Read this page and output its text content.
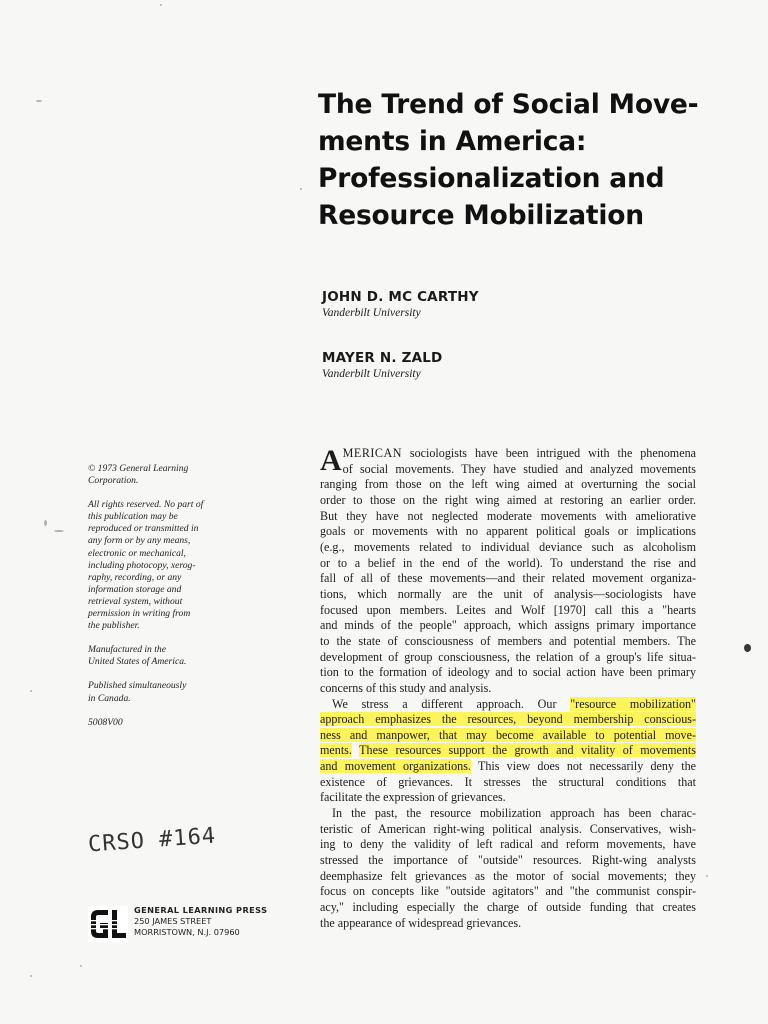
The Trend of Social Move-
ments in America:
Professionalization and
Resource Mobilization
JOHN D. MC CARTHY
Vanderbilt University
MAYER N. ZALD
Vanderbilt University

© 1973 General Learning
Corporation.

All rights reserved. No part of
this publication may be
reproduced or transmitted in
any form or by any means,
electronic or mechanical,
including photocopy, xerog-
raphy, recording, or any
information storage and
retrieval system, without
permission in writing from
the publisher.

Manufactured in the
United States of America.

Published simultaneously
in Canada.

5008V00

CRSO #164
GENERAL LEARNING PRESS
250 JAMES STREET
MORRISTOWN, N.J. 07960
A MERICAN sociologists have been intrigued with the phenomena
of social movements. They have studied and analyzed movements
ranging from those on the left wing aimed at overturning the social
order to those on the right wing aimed at restoring an earlier order.
But they have not neglected moderate movements with ameliorative
goals or movements with no apparent political goals or implications
(e.g., movements related to individual deviance such as alcoholism
or to a belief in the end of the world). To understand the rise and
fall of all of these movements—and their related movement organiza-
tions, which normally are the unit of analysis—sociologists have
focused upon members. Leites and Wolf [1970] call this a "hearts
and minds of the people" approach, which assigns primary importance
to the state of consciousness of members and potential members. The
development of group consciousness, the relation of a group's life situa-
tion to the formation of ideology and to social action have been primary
concerns of this study and analysis.
We stress a different approach. Our "resource mobilization"
approach emphasizes the resources, beyond membership conscious-
ness and manpower, that may become available to potential move-
ments. These resources support the growth and vitality of movements
and movement organizations. This view does not necessarily deny the
existence of grievances. It stresses the structural conditions that
facilitate the expression of grievances.
In the past, the resource mobilization approach has been charac-
teristic of American right-wing political analysis. Conservatives, wish-
ing to deny the validity of left radical and reform movements, have
stressed the importance of "outside" resources. Right-wing analysts
deemphasize felt grievances as the motor of social movements; they
focus on concepts like "outside agitators" and "the communist conspir-
acy," including especially the charge of outside funding that creates
the appearance of widespread grievances.
